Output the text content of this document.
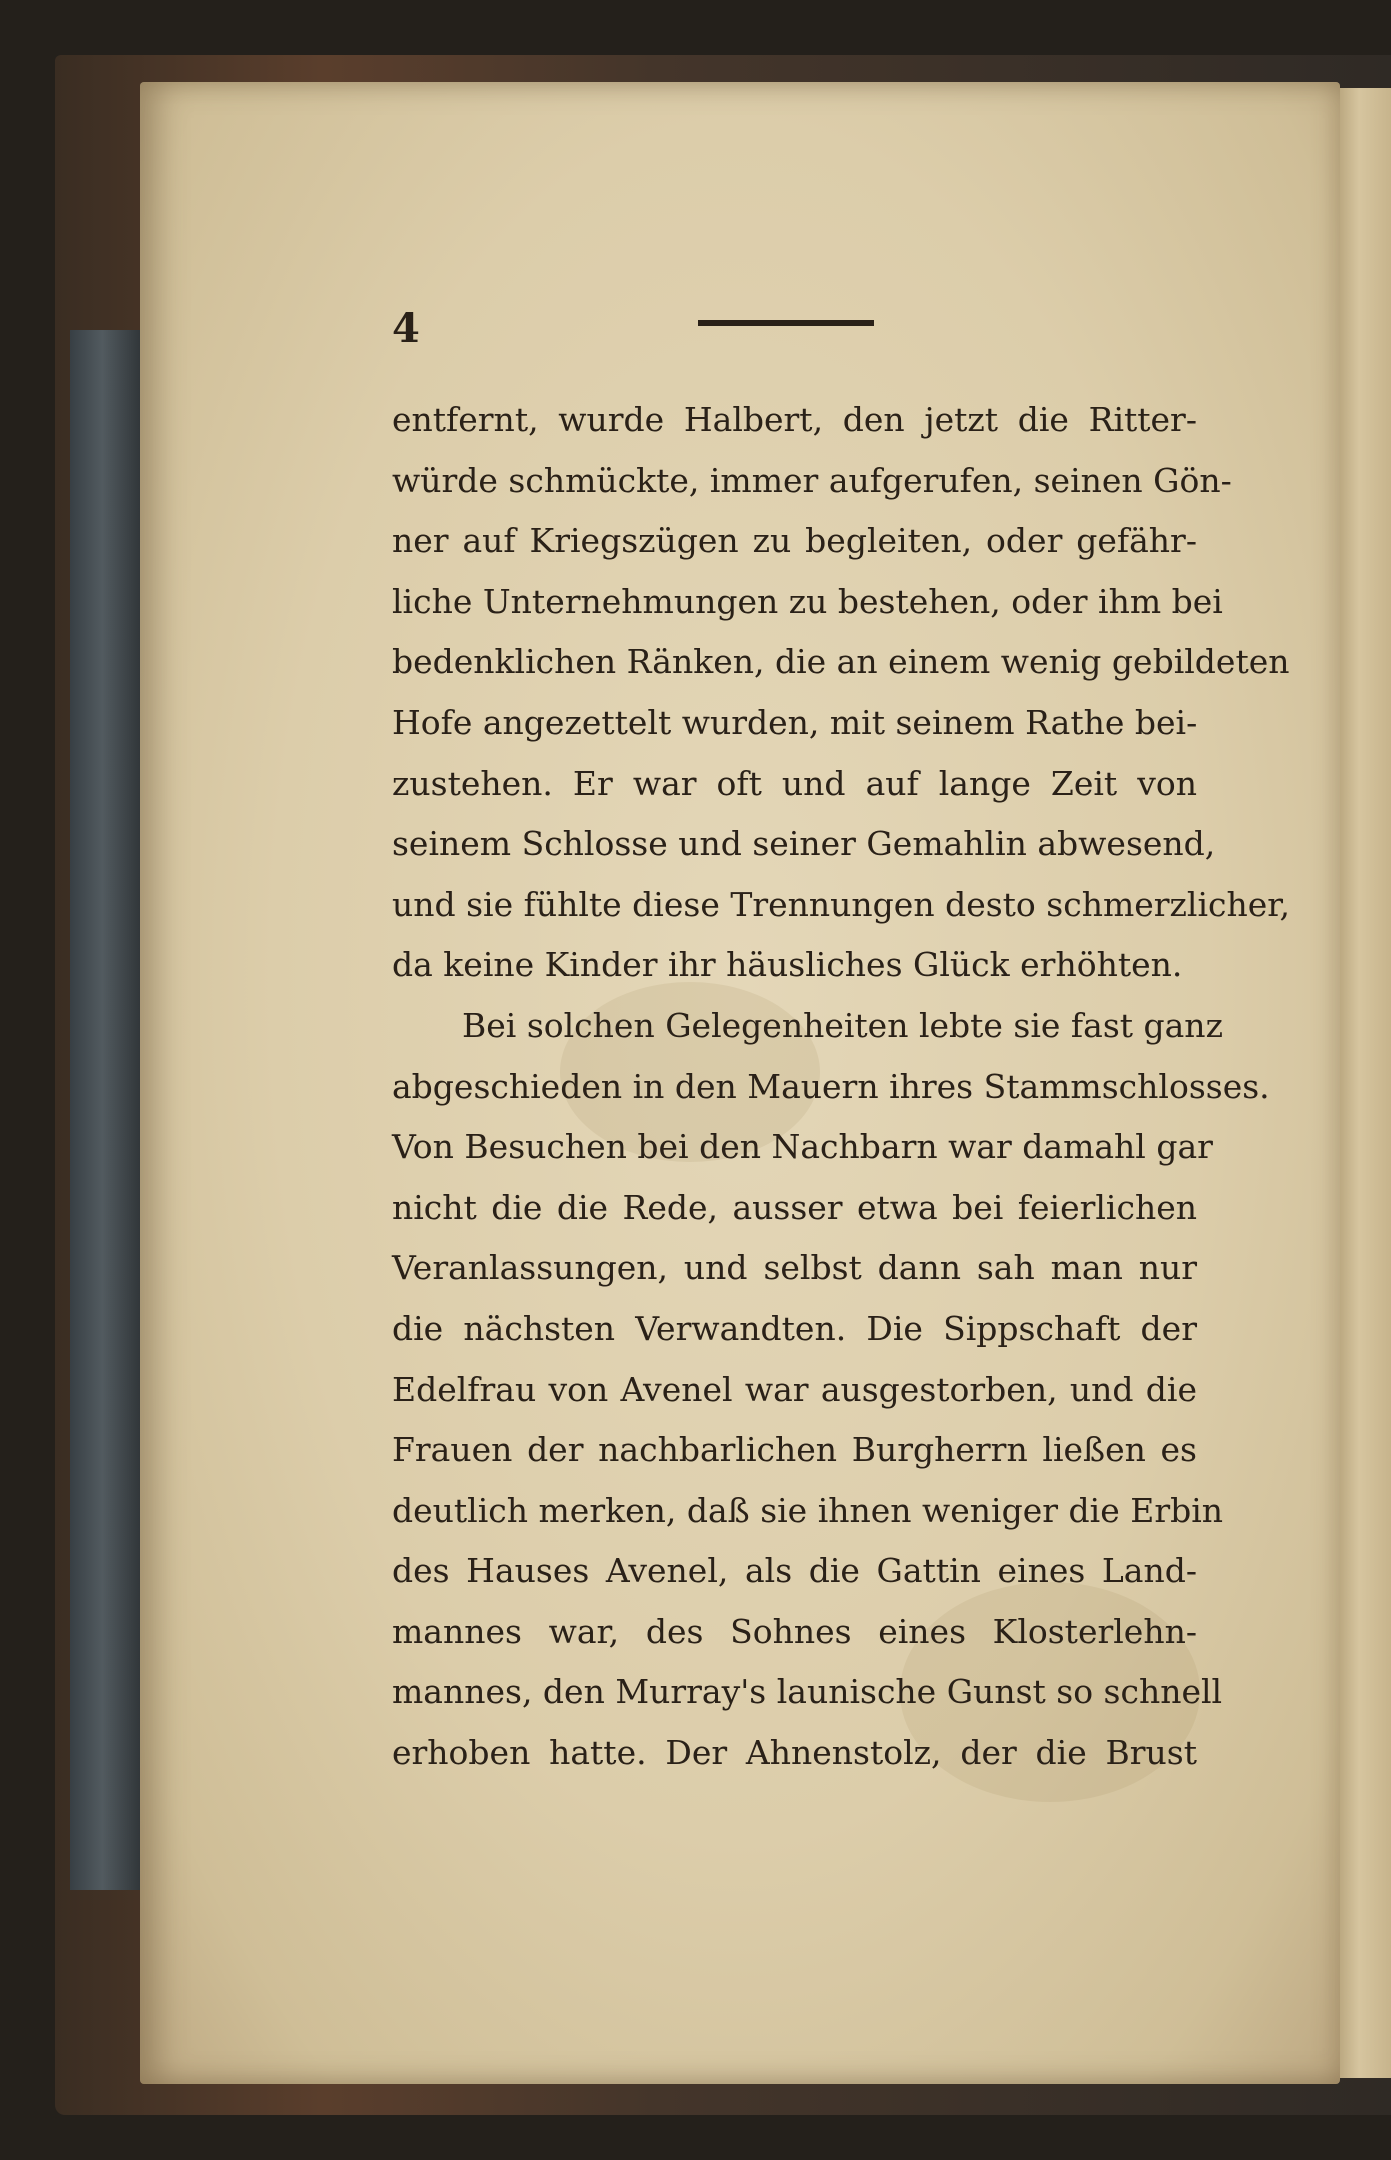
4

entfernt, wurde Halbert, den jetzt die Ritter-
würde schmückte, immer aufgerufen, seinen Gön-
ner auf Kriegszügen zu begleiten, oder gefähr-
liche Unternehmungen zu bestehen, oder ihm bei
bedenklichen Ränken, die an einem wenig gebildeten
Hofe angezettelt wurden, mit seinem Rathe bei-
zustehen. Er war oft und auf lange Zeit von
seinem Schlosse und seiner Gemahlin abwesend,
und sie fühlte diese Trennungen desto schmerzlicher,
da keine Kinder ihr häusliches Glück erhöhten.
Bei solchen Gelegenheiten lebte sie fast ganz
abgeschieden in den Mauern ihres Stammschlosses.
Von Besuchen bei den Nachbarn war damahl gar
nicht die die Rede, ausser etwa bei feierlichen
Veranlassungen, und selbst dann sah man nur
die nächsten Verwandten. Die Sippschaft der
Edelfrau von Avenel war ausgestorben, und die
Frauen der nachbarlichen Burgherrn ließen es
deutlich merken, daß sie ihnen weniger die Erbin
des Hauses Avenel, als die Gattin eines Land-
mannes war, des Sohnes eines Klosterlehn-
mannes, den Murray's launische Gunst so schnell
erhoben hatte. Der Ahnenstolz, der die Brust
